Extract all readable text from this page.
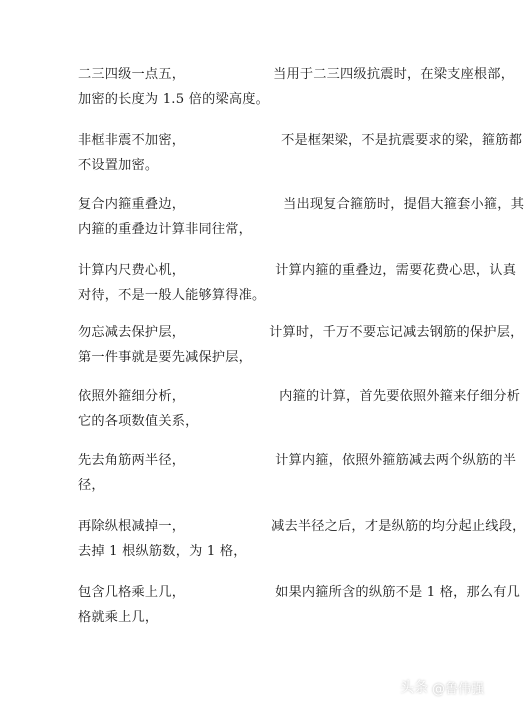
二三四级一点五，	当用于二三四级抗震时，在梁支座根部，
加密的长度为 1.5 倍的梁高度。
非框非震不加密，	不是框架梁，不是抗震要求的梁，箍筋都
不设置加密。
复合内箍重叠边，	当出现复合箍筋时，提倡大箍套小箍，其
内箍的重叠边计算非同往常，
计算内尺费心机，	计算内箍的重叠边，需要花费心思，认真
对待，不是一般人能够算得准。
勿忘减去保护层，	计算时，千万不要忘记减去钢筋的保护层，
第一件事就是要先减保护层，
依照外箍细分析，	内箍的计算，首先要依照外箍来仔细分析
它的各项数值关系，
先去角筋两半径，	计算内箍，依照外箍筋减去两个纵筋的半
径，
再除纵根减掉一，	减去半径之后，才是纵筋的均分起止线段，
去掉 1 根纵筋数，为 1 格，
包含几格乘上几，	如果内箍所含的纵筋不是 1 格，那么有几
格就乘上几，
头条 @鲁伟强
